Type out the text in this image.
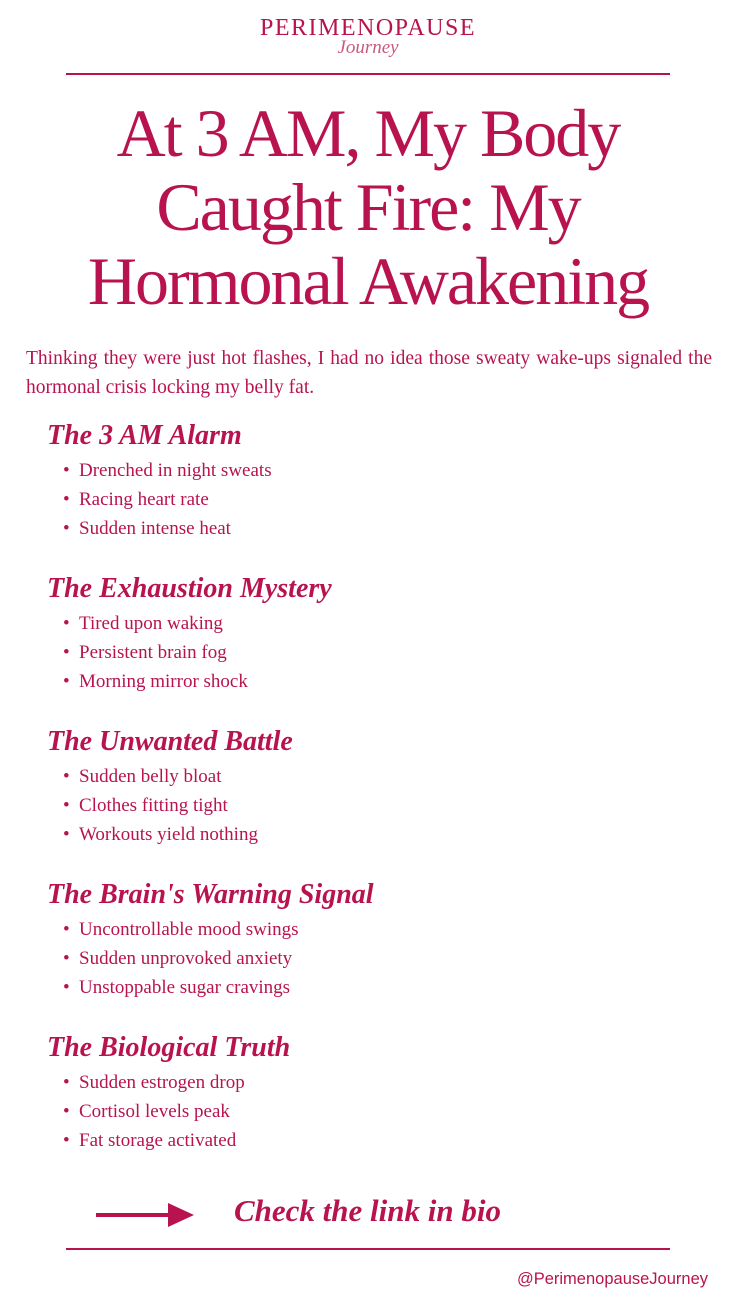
PERIMENOPAUSE
Journey
At 3 AM, My Body Caught Fire: My Hormonal Awakening

Thinking they were just hot flashes, I had no idea those sweaty wake-ups signaled the hormonal crisis locking my belly fat.

The 3 AM Alarm
• Drenched in night sweats
• Racing heart rate
• Sudden intense heat
The Exhaustion Mystery
• Tired upon waking
• Persistent brain fog
• Morning mirror shock
The Unwanted Battle
• Sudden belly bloat
• Clothes fitting tight
• Workouts yield nothing
The Brain's Warning Signal
• Uncontrollable mood swings
• Sudden unprovoked anxiety
• Unstoppable sugar cravings
The Biological Truth
• Sudden estrogen drop
• Cortisol levels peak
• Fat storage activated
Check the link in bio
@PerimenopauseJourney
